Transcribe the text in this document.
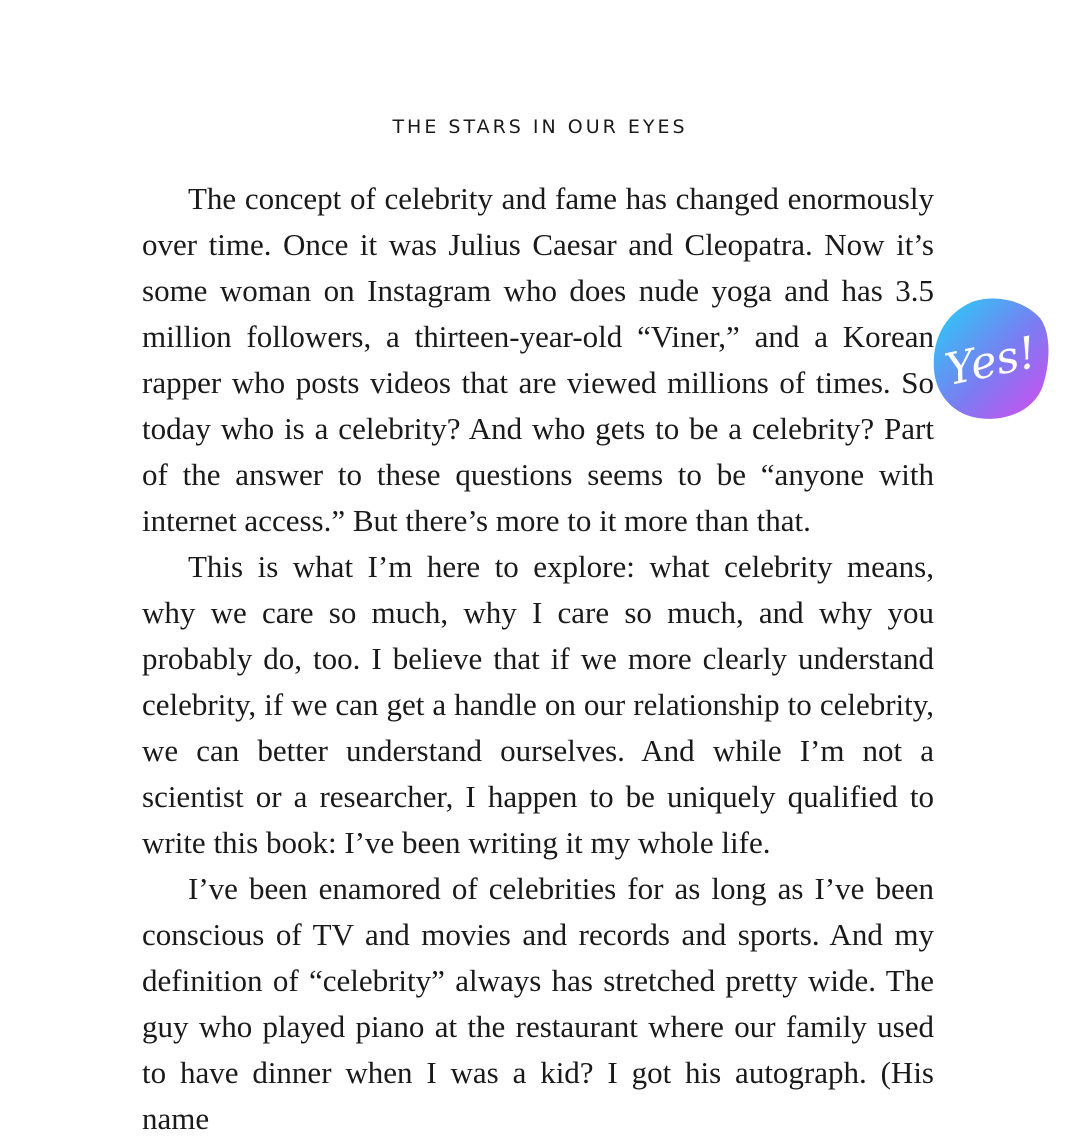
THE STARS IN OUR EYES

The concept of celebrity and fame has changed enormously over time. Once it was Julius Caesar and Cleopatra. Now it’s some woman on Instagram who does nude yoga and has 3.5 million followers, a thirteen-year-old “Viner,” and a Korean rapper who posts videos that are viewed millions of times. So today who is a celebrity? And who gets to be a celebrity? Part of the answer to these questions seems to be “anyone with internet access.” But there’s more to it more than that.

This is what I’m here to explore: what celebrity means, why we care so much, why I care so much, and why you probably do, too. I believe that if we more clearly understand celebrity, if we can get a handle on our relationship to celebrity, we can better understand ourselves. And while I’m not a scientist or a researcher, I happen to be uniquely qualified to write this book: I’ve been writing it my whole life.

I’ve been enamored of celebrities for as long as I’ve been conscious of TV and movies and records and sports. And my definition of “celebrity” always has stretched pretty wide. The guy who played piano at the restaurant where our family used to have dinner when I was a kid? I got his autograph. (His name

Yes!
